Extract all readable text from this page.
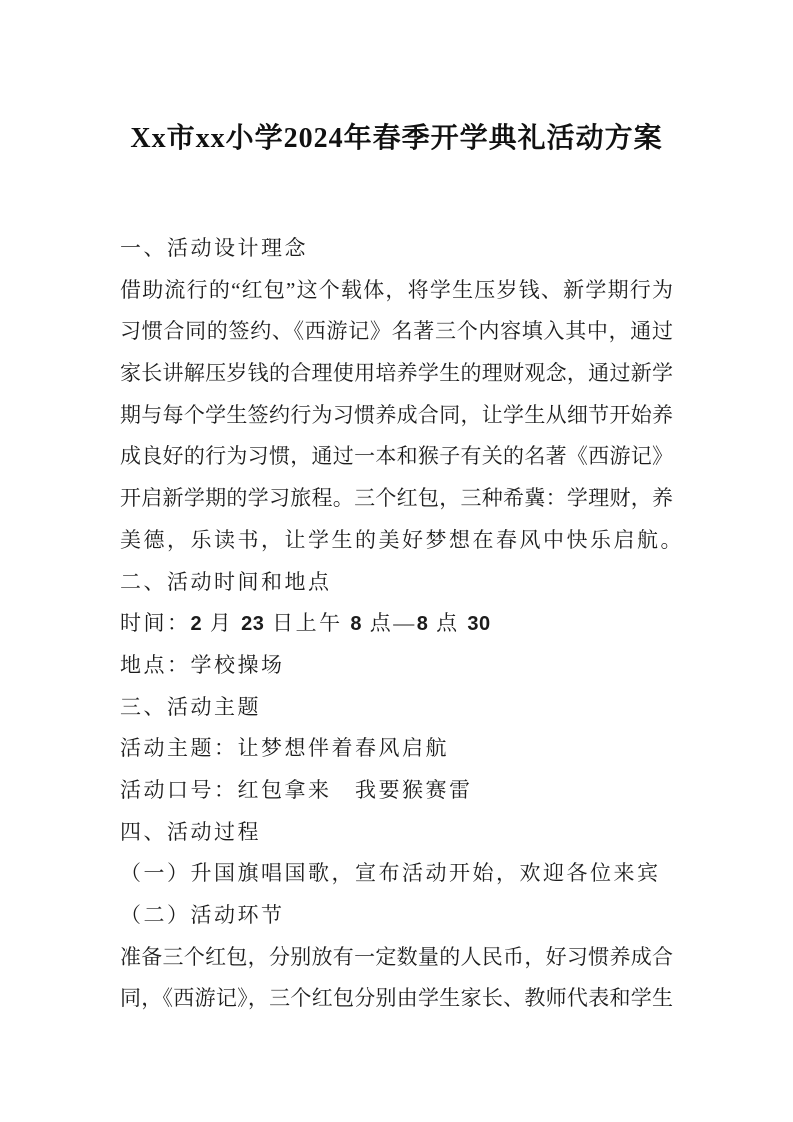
Xx市xx小学2024年春季开学典礼活动方案
一、活动设计理念
借助流行的“红包”这个载体，将学生压岁钱、新学期行为
习惯合同的签约、《西游记》名著三个内容填入其中，通过
家长讲解压岁钱的合理使用培养学生的理财观念，通过新学
期与每个学生签约行为习惯养成合同，让学生从细节开始养
成良好的行为习惯，通过一本和猴子有关的名著《西游记》
开启新学期的学习旅程。三个红包，三种希冀：学理财，养
美德，乐读书，让学生的美好梦想在春风中快乐启航。
二、活动时间和地点
时间：2 月 23 日上午 8 点—8 点 30
地点：学校操场
三、活动主题
活动主题：让梦想伴着春风启航
活动口号：红包拿来　我要猴赛雷
四、活动过程
（一）升国旗唱国歌，宣布活动开始，欢迎各位来宾
（二）活动环节
准备三个红包，分别放有一定数量的人民币，好习惯养成合
同，《西游记》，三个红包分别由学生家长、教师代表和学生
